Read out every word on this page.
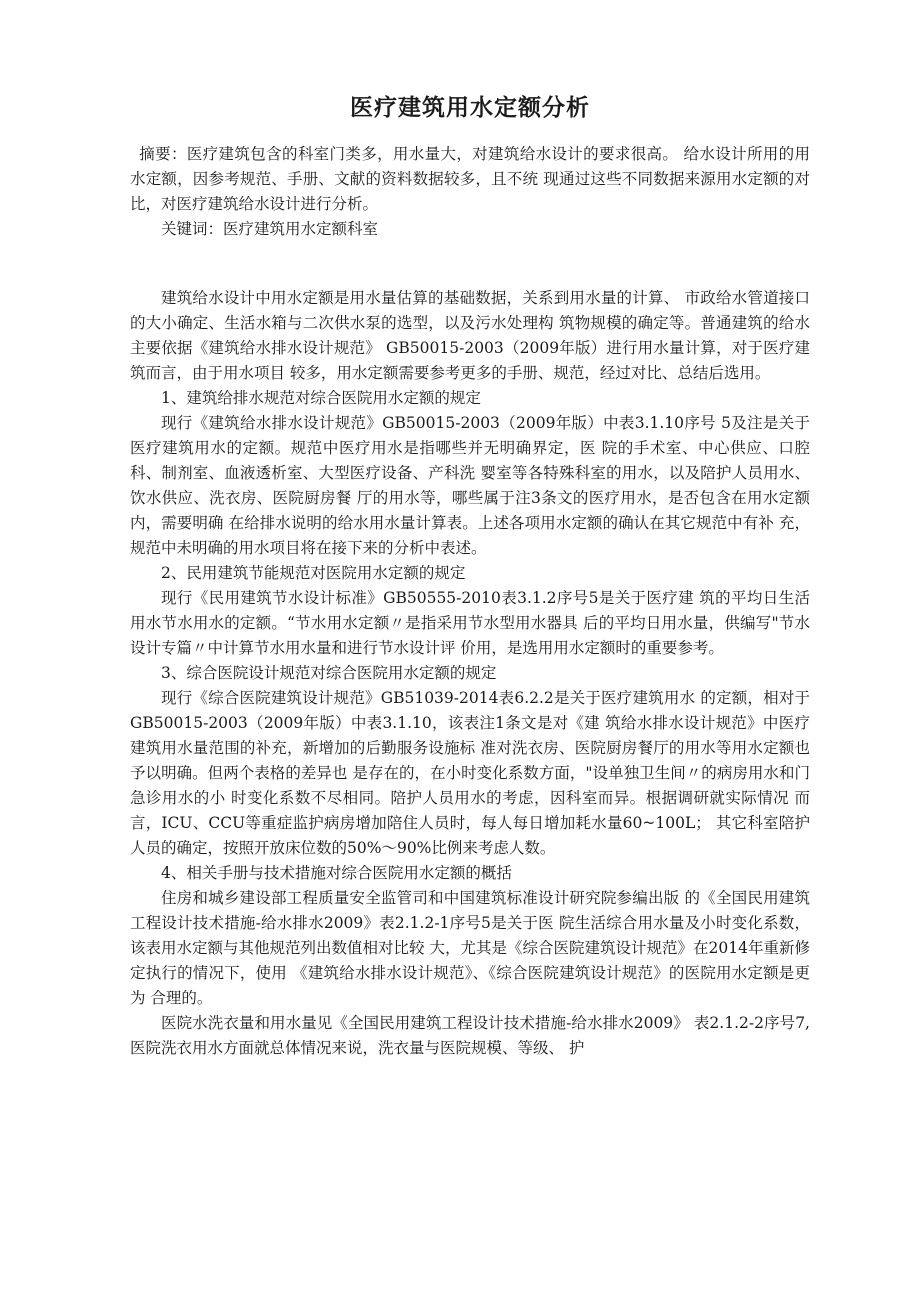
医疗建筑用水定额分析

摘要：医疗建筑包含的科室门类多，用水量大，对建筑给水设计的要求很高。 给水设计所用的用水定额，因参考规范、手册、文献的资料数据较多，且不统 现通过这些不同数据来源用水定额的对比，对医疗建筑给水设计进行分析。

关键词：医疗建筑用水定额科室

建筑给水设计中用水定额是用水量估算的基础数据，关系到用水量的计算、 市政给水管道接口的大小确定、生活水箱与二次供水泵的选型，以及污水处理构 筑物规模的确定等。普通建筑的给水主要依据《建筑给水排水设计规范》 GB50015-2003（2009年版）进行用水量计算，对于医疗建筑而言，由于用水项目 较多，用水定额需要参考更多的手册、规范，经过对比、总结后选用。

1、建筑给排水规范对综合医院用水定额的规定

现行《建筑给水排水设计规范》GB50015-2003（2009年版）中表3.1.10序号 5及注是关于医疗建筑用水的定额。规范中医疗用水是指哪些并无明确界定，医 院的手术室、中心供应、口腔科、制剂室、血液透析室、大型医疗设备、产科洗 婴室等各特殊科室的用水，以及陪护人员用水、饮水供应、洗衣房、医院厨房餐 厅的用水等，哪些属于注3条文的医疗用水，是否包含在用水定额内，需要明确 在给排水说明的给水用水量计算表。上述各项用水定额的确认在其它规范中有补 充，规范中未明确的用水项目将在接下来的分析中表述。

2、民用建筑节能规范对医院用水定额的规定

现行《民用建筑节水设计标准》GB50555-2010表3.1.2序号5是关于医疗建 筑的平均日生活用水节水用水的定额。“节水用水定额〃是指采用节水型用水器具 后的平均日用水量，供编写"节水设计专篇〃中计算节水用水量和进行节水设计评 价用，是选用用水定额时的重要参考。

3、综合医院设计规范对综合医院用水定额的规定

现行《综合医院建筑设计规范》GB51039-2014表6.2.2是关于医疗建筑用水 的定额，相对于GB50015-2003（2009年版）中表3.1.10，该表注1条文是对《建 筑给水排水设计规范》中医疗建筑用水量范围的补充，新增加的后勤服务设施标 准对洗衣房、医院厨房餐厅的用水等用水定额也予以明确。但两个表格的差异也 是存在的，在小时变化系数方面，"设单独卫生间〃的病房用水和门急诊用水的小 时变化系数不尽相同。陪护人员用水的考虑，因科室而异。根据调研就实际情况 而言，ICU、CCU等重症监护病房增加陪住人员时，每人每日增加耗水量60~100L； 其它科室陪护人员的确定，按照开放床位数的50%～90%比例来考虑人数。

4、相关手册与技术措施对综合医院用水定额的概括

住房和城乡建设部工程质量安全监管司和中国建筑标准设计研究院参编出版 的《全国民用建筑工程设计技术措施-给水排水2009》表2.1.2-1序号5是关于医 院生活综合用水量及小时变化系数，该表用水定额与其他规范列出数值相对比较 大，尤其是《综合医院建筑设计规范》在2014年重新修定执行的情况下，使用 《建筑给水排水设计规范》、《综合医院建筑设计规范》的医院用水定额是更为 合理的。

医院水洗衣量和用水量见《全国民用建筑工程设计技术措施-给水排水2009》 表2.1.2-2序号7, 医院洗衣用水方面就总体情况来说，洗衣量与医院规模、等级、 护
